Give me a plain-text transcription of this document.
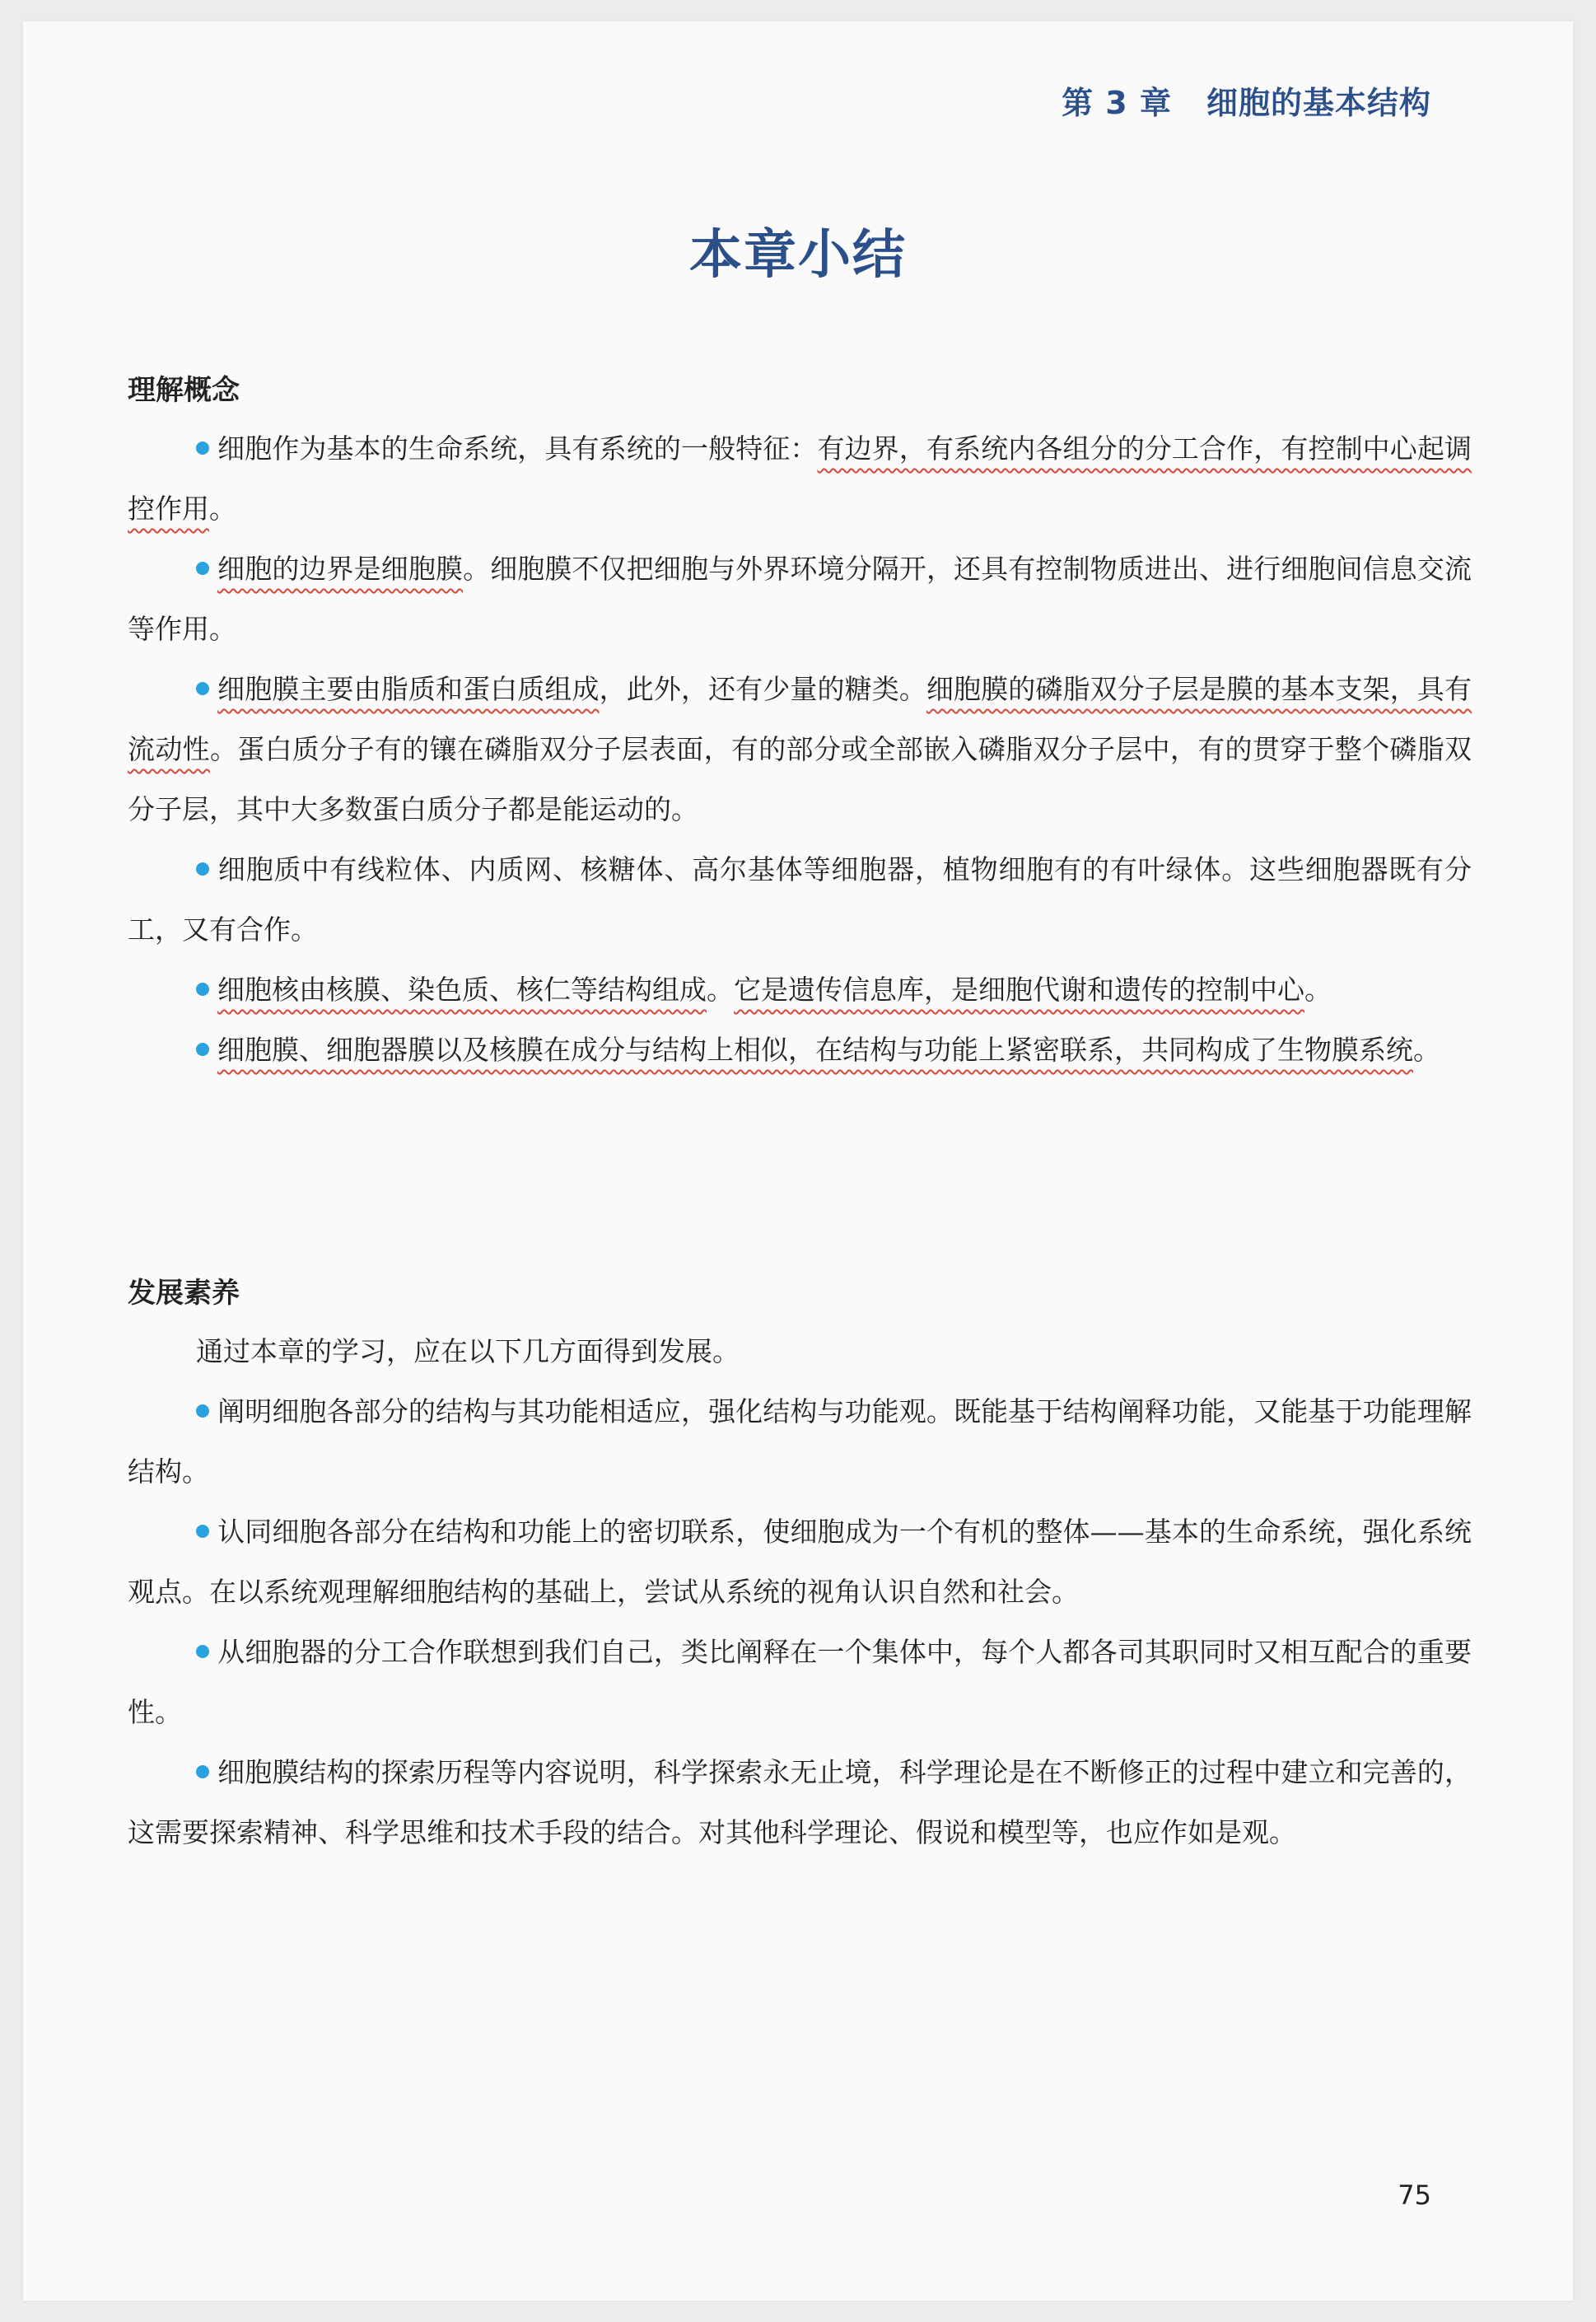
第 3 章 细胞的基本结构
本章小结
理解概念

细胞作为基本的生命系统，具有系统的一般特征：有边界，有系统内各组分的分工合作，有控制中心起调控作用。

细胞的边界是细胞膜。细胞膜不仅把细胞与外界环境分隔开，还具有控制物质进出、进行细胞间信息交流等作用。

细胞膜主要由脂质和蛋白质组成，此外，还有少量的糖类。细胞膜的磷脂双分子层是膜的基本支架，具有流动性。蛋白质分子有的镶在磷脂双分子层表面，有的部分或全部嵌入磷脂双分子层中，有的贯穿于整个磷脂双分子层，其中大多数蛋白质分子都是能运动的。

细胞质中有线粒体、内质网、核糖体、高尔基体等细胞器，植物细胞有的有叶绿体。这些细胞器既有分工，又有合作。

细胞核由核膜、染色质、核仁等结构组成。它是遗传信息库，是细胞代谢和遗传的控制中心。

细胞膜、细胞器膜以及核膜在成分与结构上相似，在结构与功能上紧密联系，共同构成了生物膜系统。

发展素养

通过本章的学习，应在以下几方面得到发展。

阐明细胞各部分的结构与其功能相适应，强化结构与功能观。既能基于结构阐释功能，又能基于功能理解结构。

认同细胞各部分在结构和功能上的密切联系，使细胞成为一个有机的整体——基本的生命系统，强化系统观点。在以系统观理解细胞结构的基础上，尝试从系统的视角认识自然和社会。

从细胞器的分工合作联想到我们自己，类比阐释在一个集体中，每个人都各司其职同时又相互配合的重要性。

细胞膜结构的探索历程等内容说明，科学探索永无止境，科学理论是在不断修正的过程中建立和完善的，这需要探索精神、科学思维和技术手段的结合。对其他科学理论、假说和模型等，也应作如是观。

75
